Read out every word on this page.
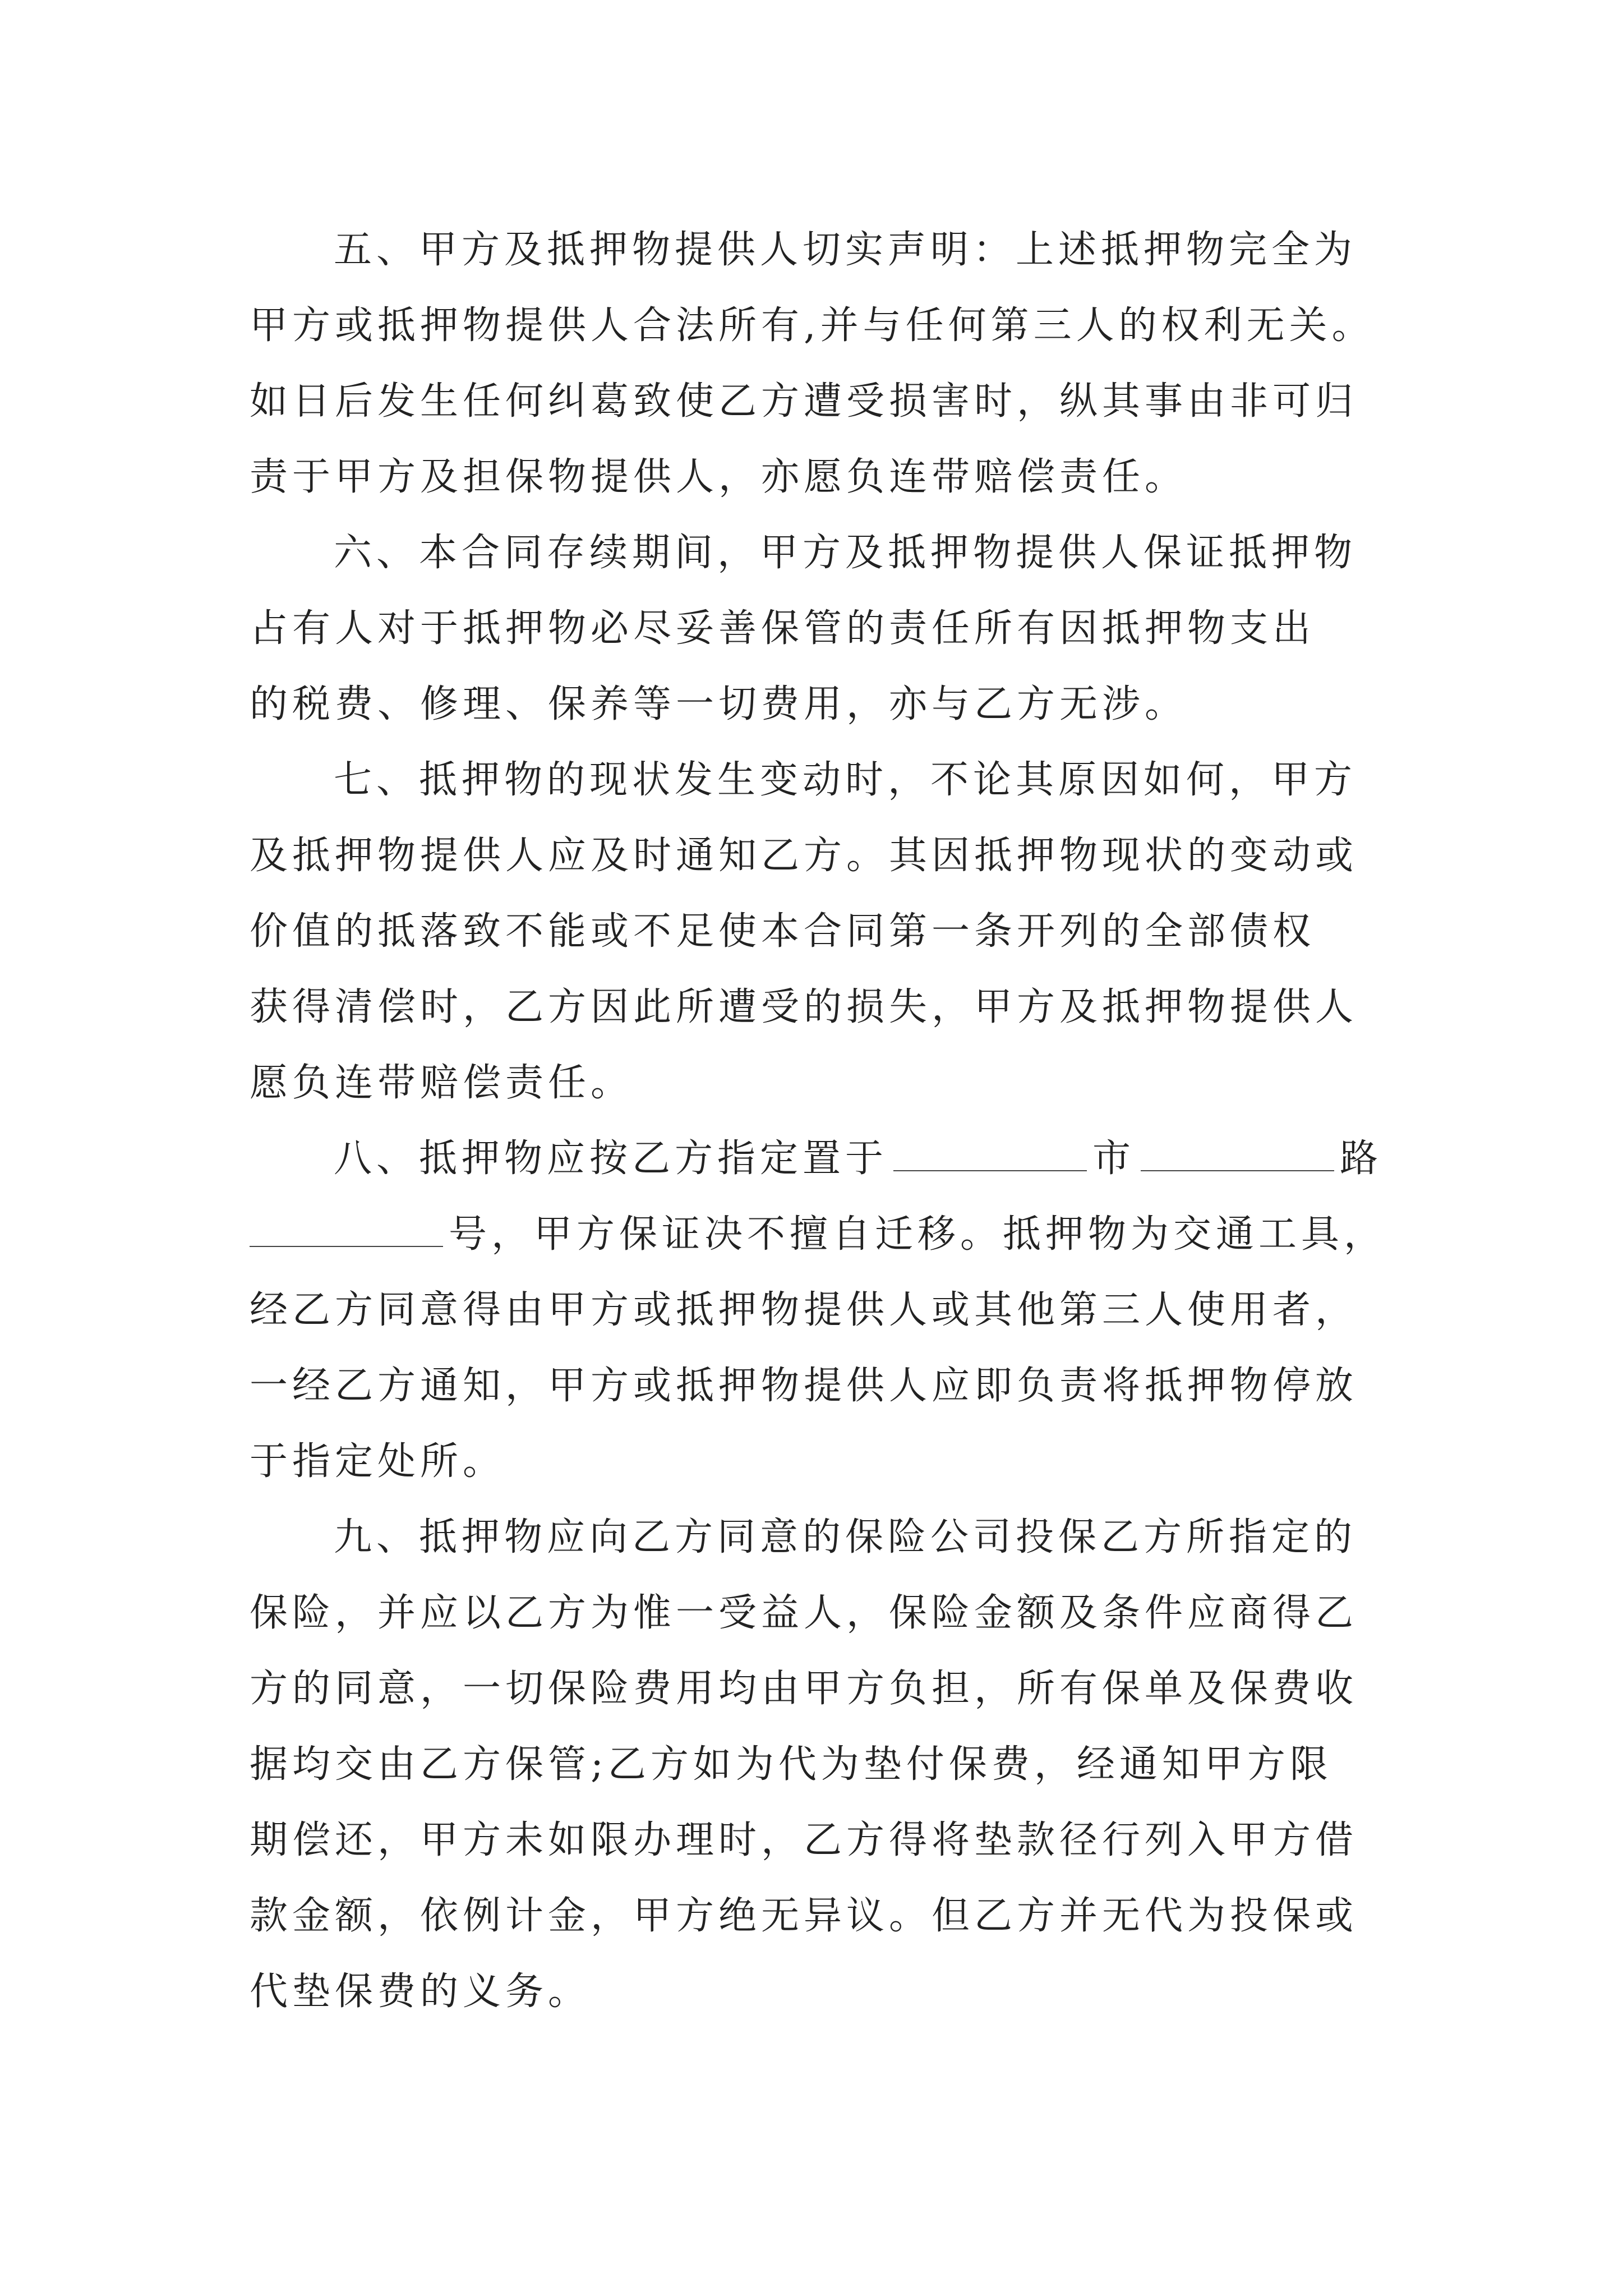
五、甲方及抵押物提供人切实声明：上述抵押物完全为
甲方或抵押物提供人合法所有,并与任何第三人的权利无关。
如日后发生任何纠葛致使乙方遭受损害时，纵其事由非可归
责于甲方及担保物提供人，亦愿负连带赔偿责任。
六、本合同存续期间，甲方及抵押物提供人保证抵押物
占有人对于抵押物必尽妥善保管的责任所有因抵押物支出
的税费、修理、保养等一切费用，亦与乙方无涉。
七、抵押物的现状发生变动时，不论其原因如何，甲方
及抵押物提供人应及时通知乙方。其因抵押物现状的变动或
价值的抵落致不能或不足使本合同第一条开列的全部债权
获得清偿时，乙方因此所遭受的损失，甲方及抵押物提供人
愿负连带赔偿责任。
八、抵押物应按乙方指定置于	市	路
号，甲方保证决不擅自迁移。抵押物为交通工具，
经乙方同意得由甲方或抵押物提供人或其他第三人使用者，
一经乙方通知，甲方或抵押物提供人应即负责将抵押物停放
于指定处所。
九、抵押物应向乙方同意的保险公司投保乙方所指定的
保险，并应以乙方为惟一受益人，保险金额及条件应商得乙
方的同意，一切保险费用均由甲方负担，所有保单及保费收
据均交由乙方保管;乙方如为代为垫付保费，经通知甲方限
期偿还，甲方未如限办理时，乙方得将垫款径行列入甲方借
款金额，依例计金，甲方绝无异议。但乙方并无代为投保或
代垫保费的义务。
